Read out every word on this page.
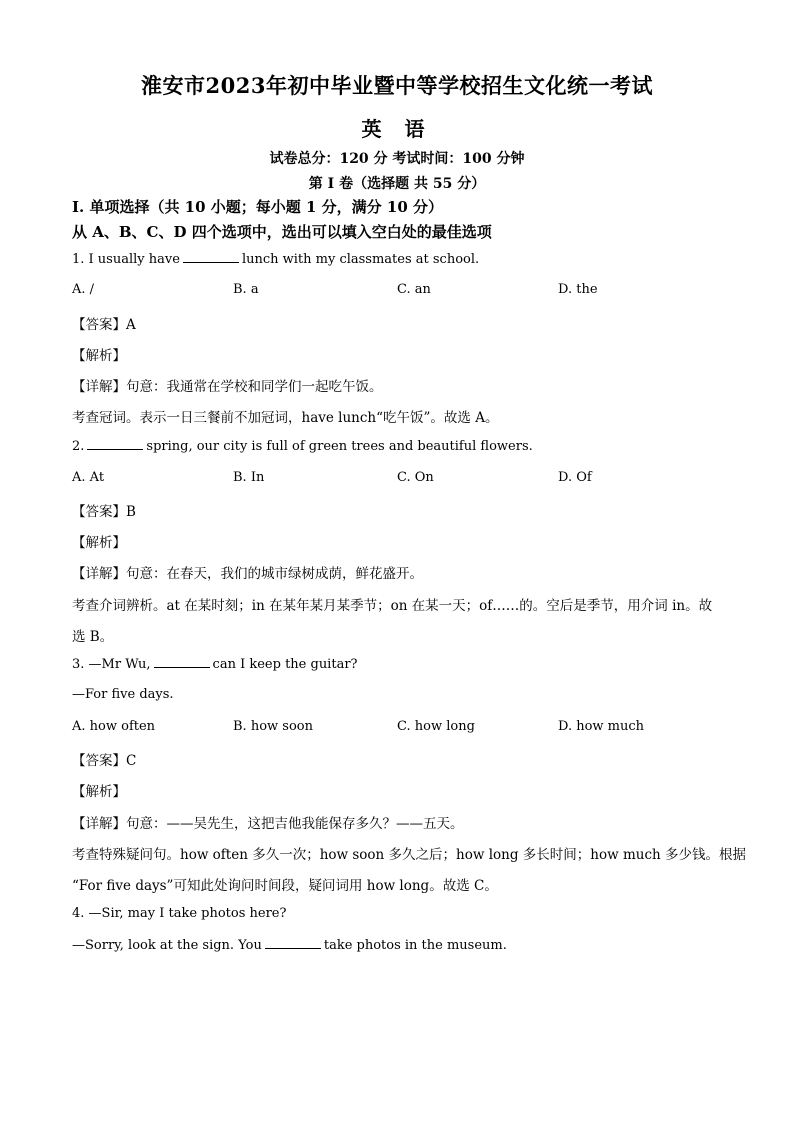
淮安市2023年初中毕业暨中等学校招生文化统一考试
英 语
试卷总分：120 分 考试时间：100 分钟
第 I 卷（选择题 共 55 分）
Ⅰ. 单项选择（共 10 小题；每小题 1 分，满分 10 分）
从 A、B、C、D 四个选项中，选出可以填入空白处的最佳选项
1. I usually have	lunch with my classmates at school.
A. /	B. a	C. an	D. the
【答案】A
【解析】
【详解】句意：我通常在学校和同学们一起吃午饭。
考查冠词。表示一日三餐前不加冠词，have lunch“吃午饭”。故选 A。
2.	spring, our city is full of green trees and beautiful flowers.
A. At	B. In	C. On	D. Of
【答案】B
【解析】
【详解】句意：在春天，我们的城市绿树成荫，鲜花盛开。
考查介词辨析。at 在某时刻；in 在某年某月某季节；on 在某一天；of……的。空后是季节，用介词 in。故
选 B。
3. —Mr Wu,	can I keep the guitar?
—For five days.
A. how often	B. how soon	C. how long	D. how much
【答案】C
【解析】
【详解】句意：——吴先生，这把吉他我能保存多久？——五天。
考查特殊疑问句。how often 多久一次；how soon 多久之后；how long 多长时间；how much 多少钱。根据
“For five days”可知此处询问时间段，疑问词用 how long。故选 C。
4. —Sir, may I take photos here?
—Sorry, look at the sign. You	take photos in the museum.
